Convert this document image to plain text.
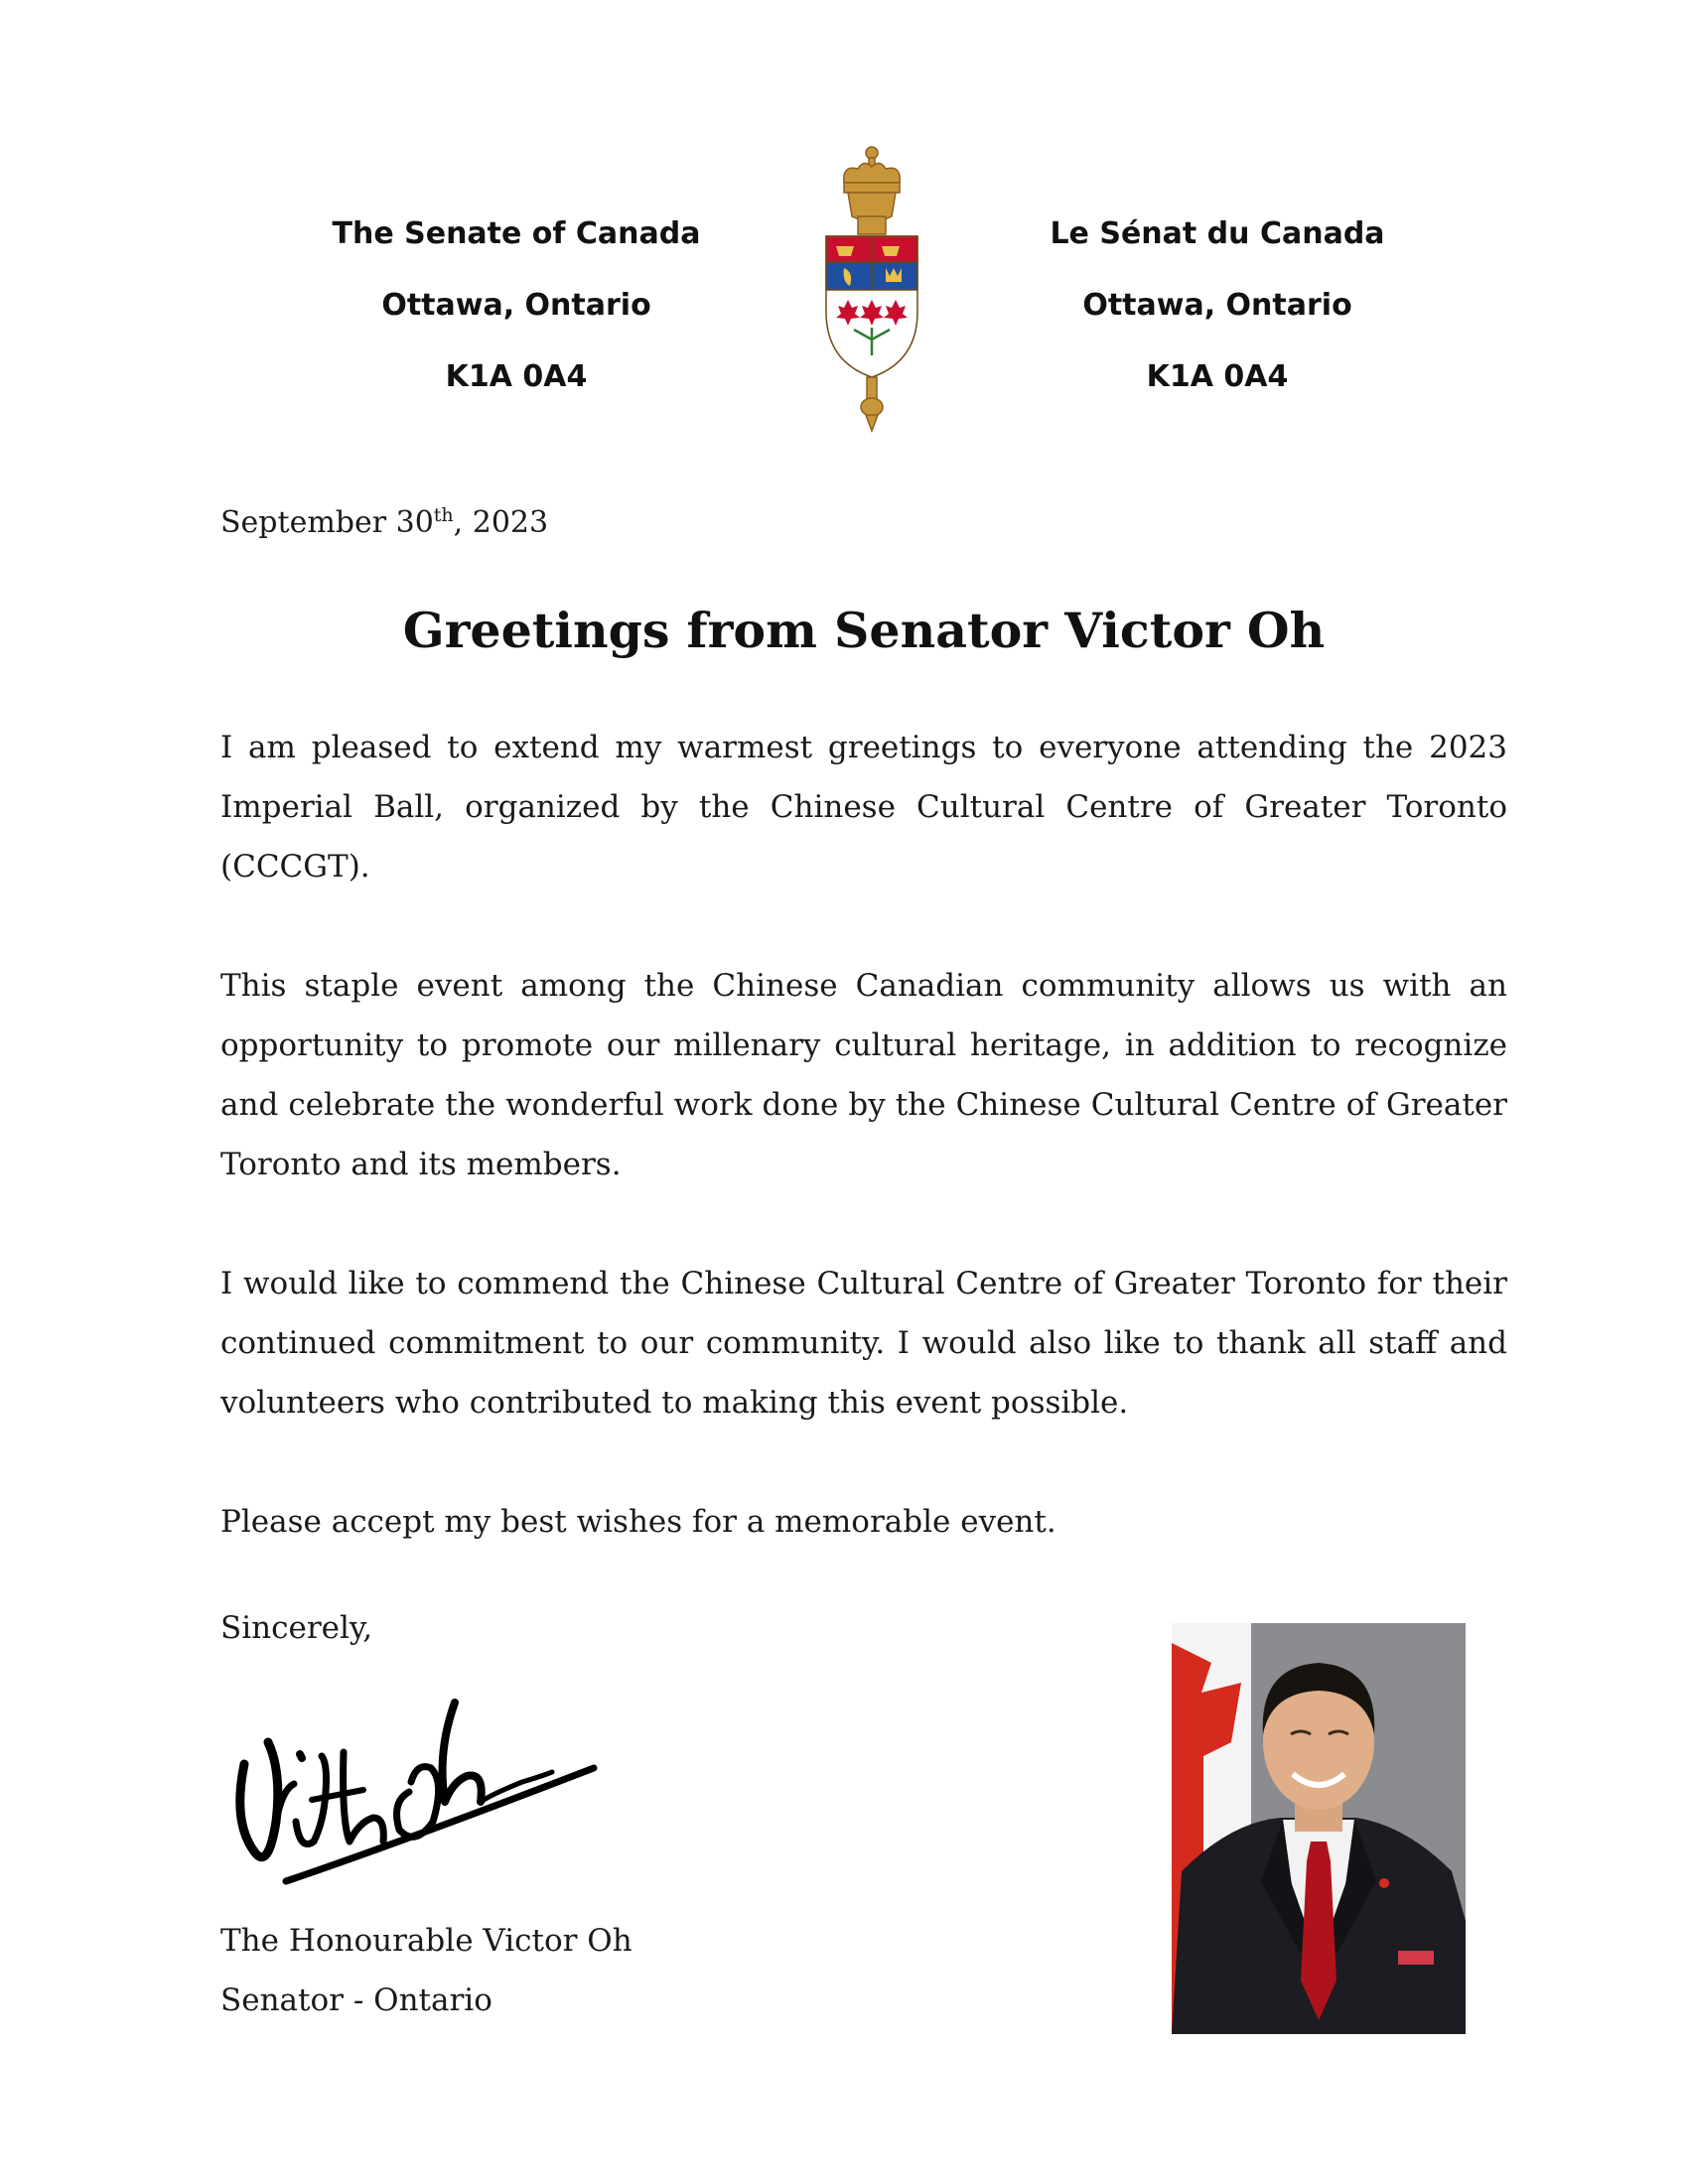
The Senate of Canada
Ottawa, Ontario
K1A 0A4
Le Sénat du Canada
Ottawa, Ontario
K1A 0A4
September 30th, 2023
Greetings from Senator Victor Oh

I am pleased to extend my warmest greetings to everyone attending the 2023 Imperial Ball, organized by the Chinese Cultural Centre of Greater Toronto (CCCGT).

This staple event among the Chinese Canadian community allows us with an opportunity to promote our millenary cultural heritage, in addition to recognize and celebrate the wonderful work done by the Chinese Cultural Centre of Greater Toronto and its members.

I would like to commend the Chinese Cultural Centre of Greater Toronto for their continued commitment to our community. I would also like to thank all staff and volunteers who contributed to making this event possible.

Please accept my best wishes for a memorable event.

Sincerely,
The Honourable Victor Oh
Senator - Ontario
